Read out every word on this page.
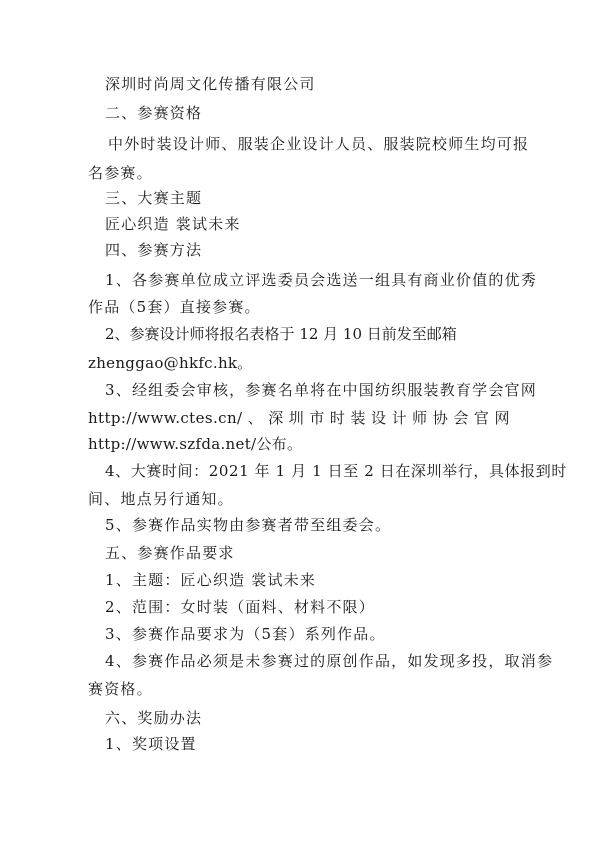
深圳时尚周文化传播有限公司
二、参赛资格
中外时装设计师、服装企业设计人员、服装院校师生均可报
名参赛。
三、大赛主题
匠心织造 裳试未来
四、参赛方法
1、各参赛单位成立评选委员会选送一组具有商业价值的优秀
作品（5套）直接参赛。
2、参赛设计师将报名表格于 12 月 10 日前发至邮箱
zhenggao@hkfc.hk。
3、经组委会审核，参赛名单将在中国纺织服装教育学会官网
http://www.ctes.cn/ 、 深 圳 市 时 装 设 计 师 协 会 官 网
http://www.szfda.net/公布。
4、大赛时间：2021 年 1 月 1 日至 2 日在深圳举行，具体报到时
间、地点另行通知。
5、参赛作品实物由参赛者带至组委会。
五、参赛作品要求
1、主题：匠心织造 裳试未来
2、范围：女时装（面料、材料不限）
3、参赛作品要求为（5套）系列作品。
4、参赛作品必须是未参赛过的原创作品，如发现多投，取消参
赛资格。
六、奖励办法
1、奖项设置
